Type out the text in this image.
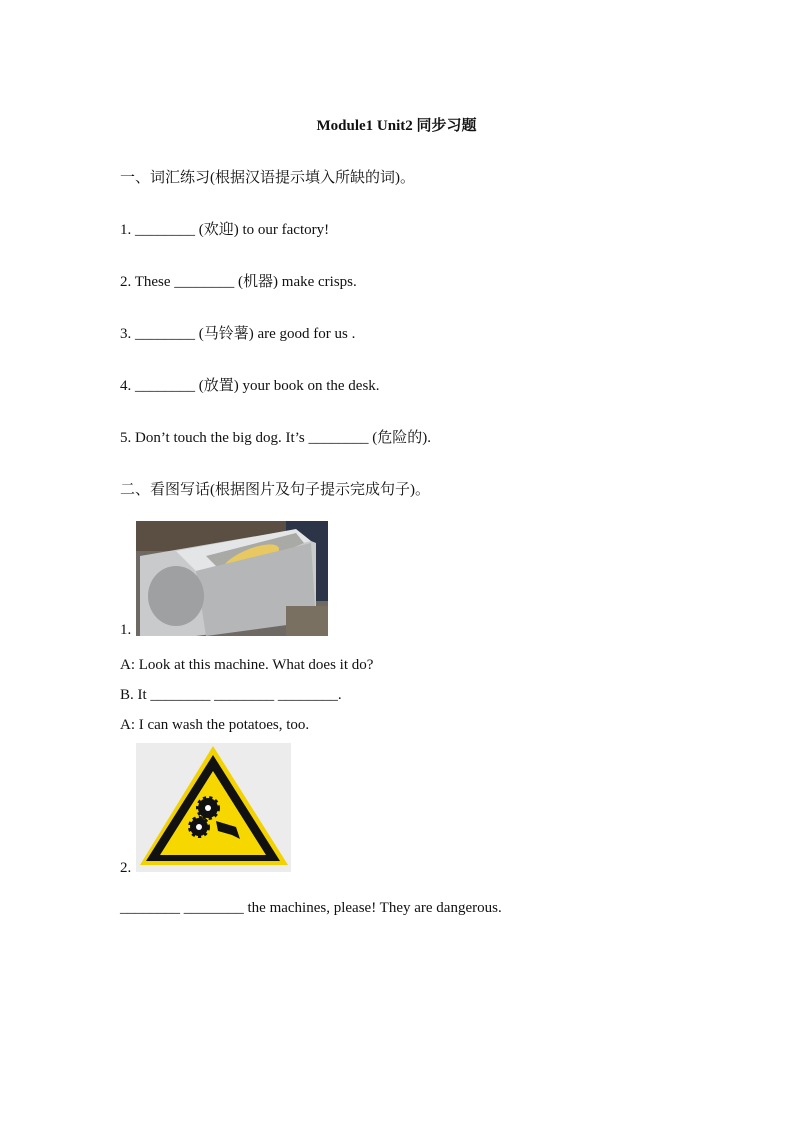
Module1 Unit2 同步习题
一、词汇练习(根据汉语提示填入所缺的词)。
1. ________ (欢迎) to our factory!
2. These ________ (机器) make crisps.
3. ________ (马铃薯) are good for us .
4. ________ (放置) your book on the desk.
5. Don’t touch the big dog. It’s ________ (危险的).
二、看图写话(根据图片及句子提示完成句子)。
1.
A: Look at this machine. What does it do?
B. It ________ ________ ________.
A: I can wash the potatoes, too.
2.
________ ________ the machines, please! They are dangerous.
